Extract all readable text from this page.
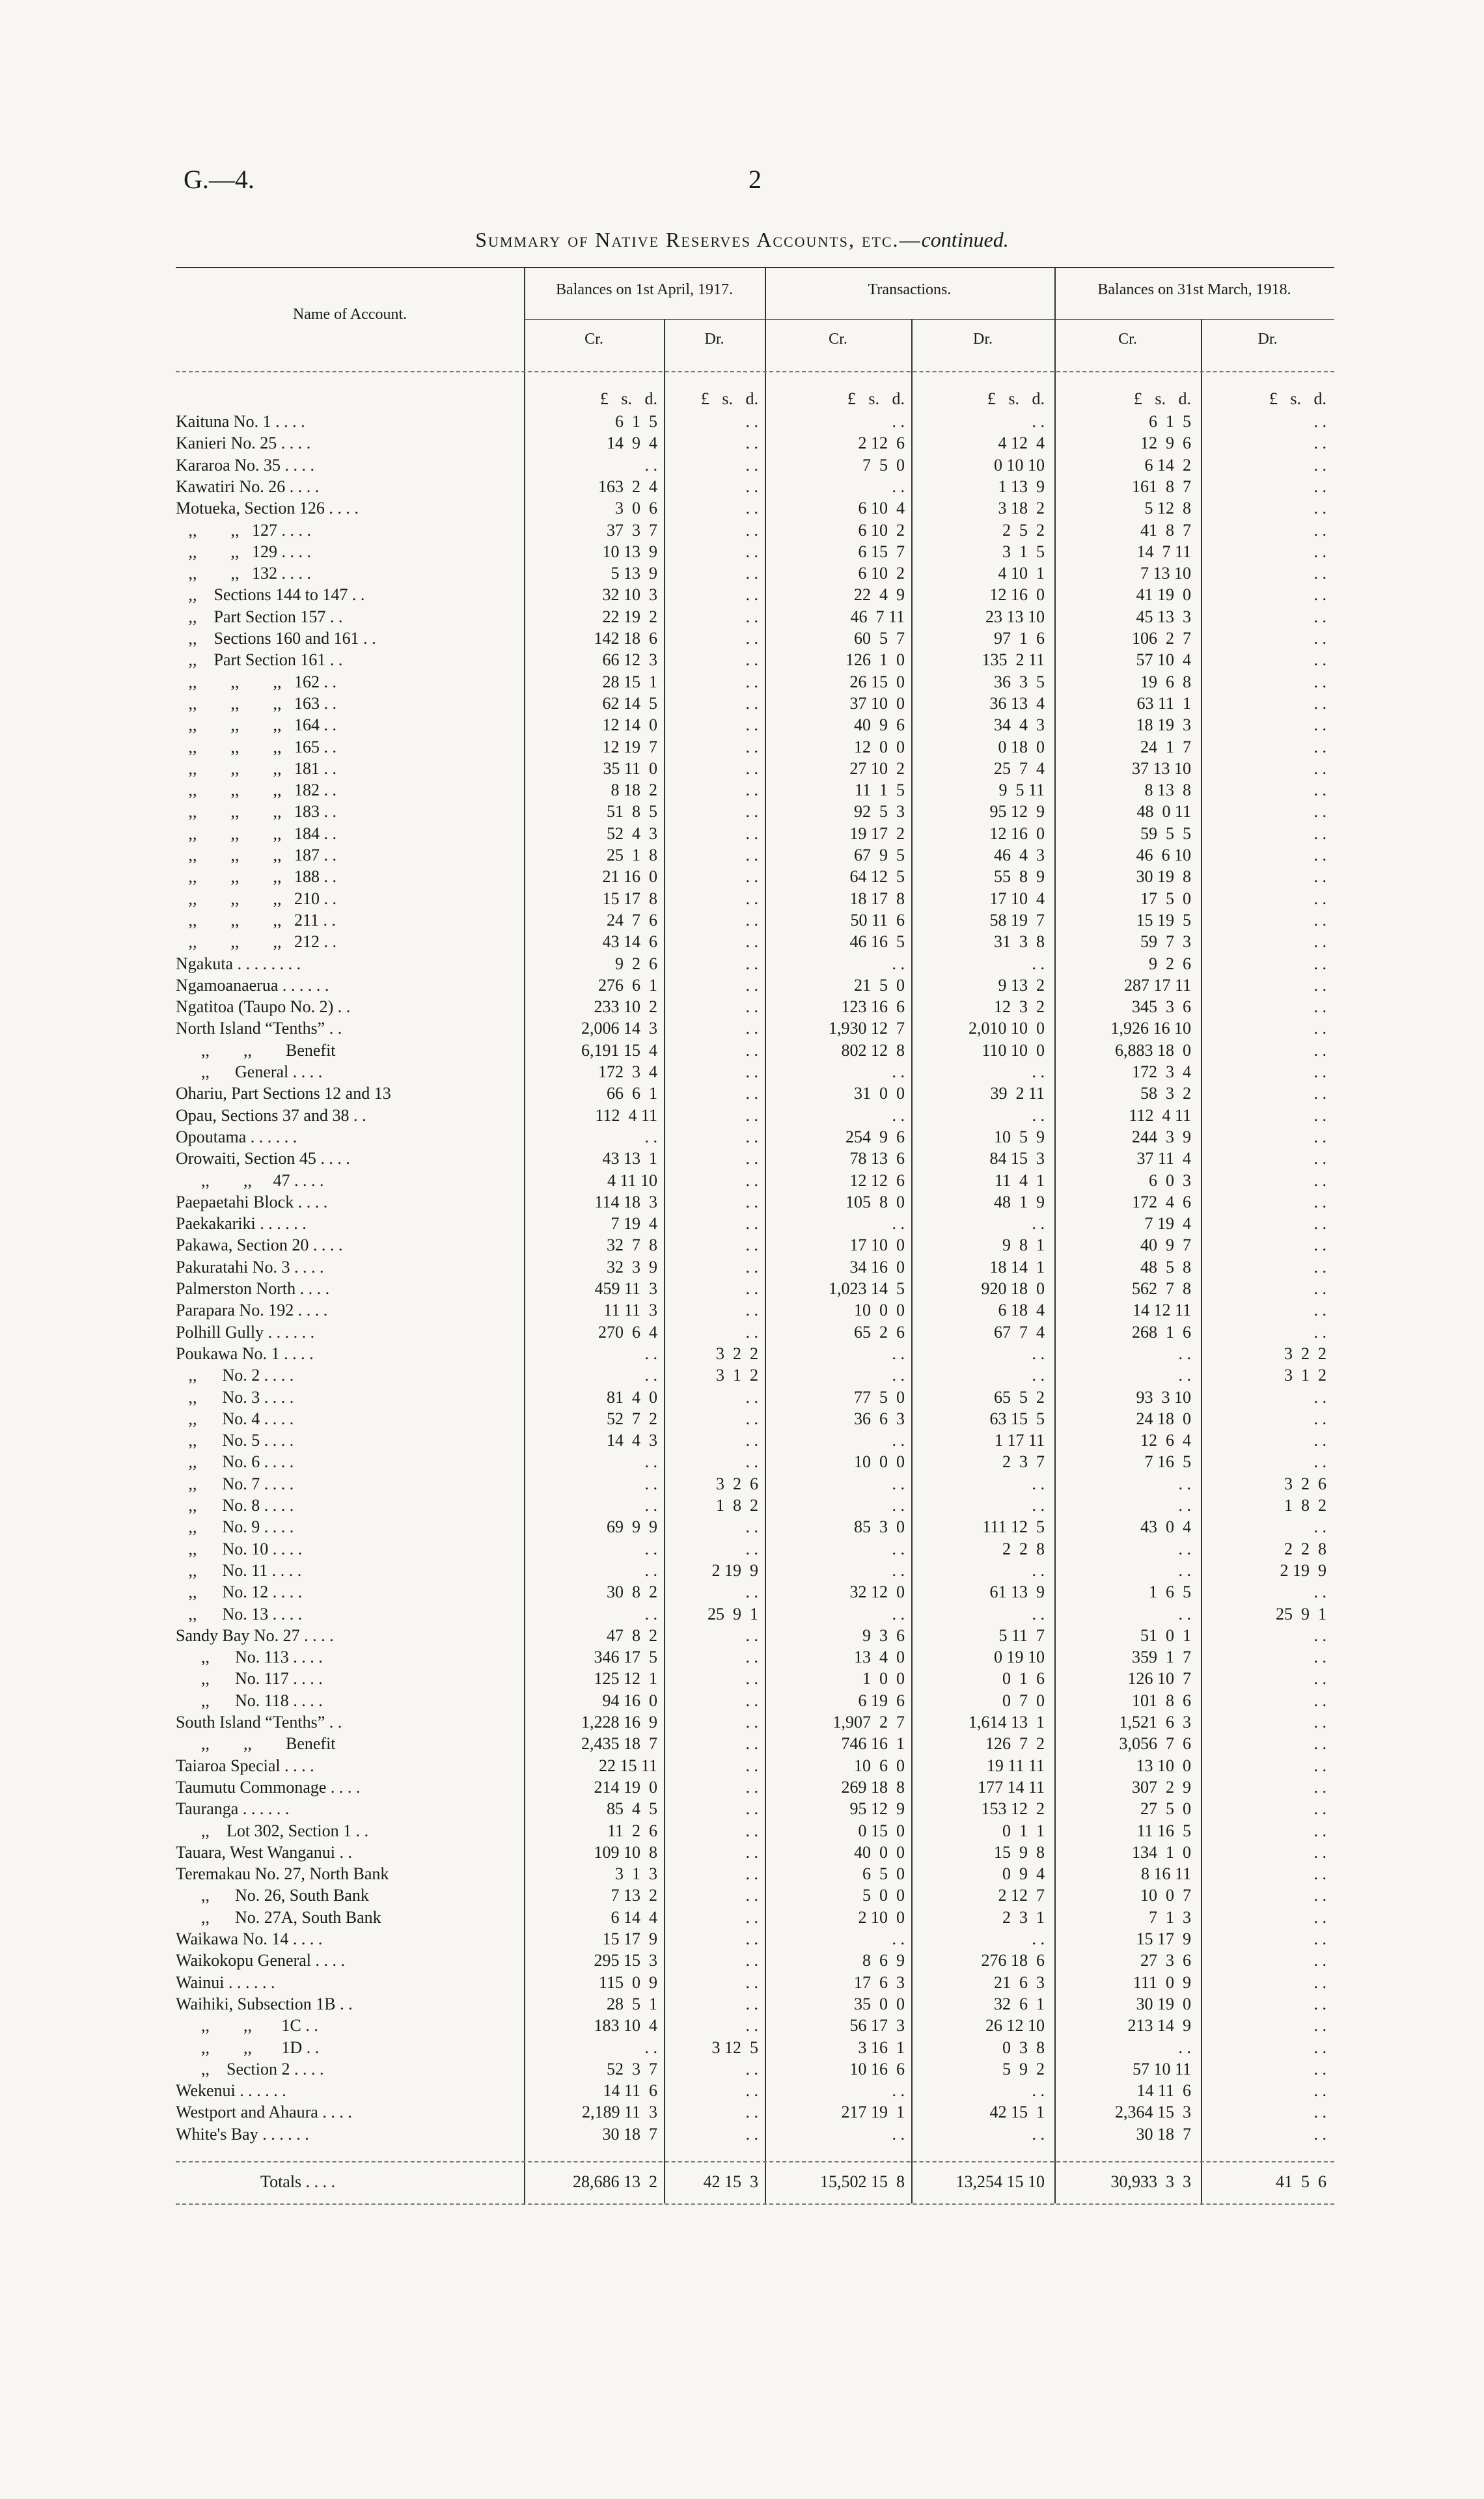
G.—4.	2
Summary of Native Reserves Accounts, etc.—continued.
Name of Account.
Balances on 1st April, 1917.	Transactions.	Balances on 31st March, 1918.
Cr.	Dr.	Cr.	Dr.	Cr.	Dr.
£   s.   d.	£   s.   d.	£   s.   d.	£   s.   d.	£   s.   d.	£   s.   d.
Kaituna No. 1 . . . .	6  1  5	. .	. .	. .	6  1  5	. .
Kanieri No. 25 . . . .	14  9  4	. .	2 12  6	4 12  4	12  9  6	. .
Kararoa No. 35 . . . .	. .	. .	7  5  0	0 10 10	6 14  2	. .
Kawatiri No. 26 . . . .	163  2  4	. .	. .	1 13  9	161  8  7	. .
Motueka, Section 126 . . . .	3  0  6	. .	6 10  4	3 18  2	5 12  8	. .
,,        ,,   127 . . . .	37  3  7	. .	6 10  2	2  5  2	41  8  7	. .
,,        ,,   129 . . . .	10 13  9	. .	6 15  7	3  1  5	14  7 11	. .
,,        ,,   132 . . . .	5 13  9	. .	6 10  2	4 10  1	7 13 10	. .
,,    Sections 144 to 147 . .	32 10  3	. .	22  4  9	12 16  0	41 19  0	. .
,,    Part Section 157 . .	22 19  2	. .	46  7 11	23 13 10	45 13  3	. .
,,    Sections 160 and 161 . .	142 18  6	. .	60  5  7	97  1  6	106  2  7	. .
,,    Part Section 161 . .	66 12  3	. .	126  1  0	135  2 11	57 10  4	. .
,,        ,,        ,,   162 . .	28 15  1	. .	26 15  0	36  3  5	19  6  8	. .
,,        ,,        ,,   163 . .	62 14  5	. .	37 10  0	36 13  4	63 11  1	. .
,,        ,,        ,,   164 . .	12 14  0	. .	40  9  6	34  4  3	18 19  3	. .
,,        ,,        ,,   165 . .	12 19  7	. .	12  0  0	0 18  0	24  1  7	. .
,,        ,,        ,,   181 . .	35 11  0	. .	27 10  2	25  7  4	37 13 10	. .
,,        ,,        ,,   182 . .	8 18  2	. .	11  1  5	9  5 11	8 13  8	. .
,,        ,,        ,,   183 . .	51  8  5	. .	92  5  3	95 12  9	48  0 11	. .
,,        ,,        ,,   184 . .	52  4  3	. .	19 17  2	12 16  0	59  5  5	. .
,,        ,,        ,,   187 . .	25  1  8	. .	67  9  5	46  4  3	46  6 10	. .
,,        ,,        ,,   188 . .	21 16  0	. .	64 12  5	55  8  9	30 19  8	. .
,,        ,,        ,,   210 . .	15 17  8	. .	18 17  8	17 10  4	17  5  0	. .
,,        ,,        ,,   211 . .	24  7  6	. .	50 11  6	58 19  7	15 19  5	. .
,,        ,,        ,,   212 . .	43 14  6	. .	46 16  5	31  3  8	59  7  3	. .
Ngakuta . . . . . . . .	9  2  6	. .	. .	. .	9  2  6	. .
Ngamoanaerua . . . . . .	276  6  1	. .	21  5  0	9 13  2	287 17 11	. .
Ngatitoa (Taupo No. 2) . .	233 10  2	. .	123 16  6	12  3  2	345  3  6	. .
North Island “Tenths” . .	2,006 14  3	. .	1,930 12  7	2,010 10  0	1,926 16 10	. .
,,        ,,        Benefit	6,191 15  4	. .	802 12  8	110 10  0	6,883 18  0	. .
,,      General . . . .	172  3  4	. .	. .	. .	172  3  4	. .
Ohariu, Part Sections 12 and 13	66  6  1	. .	31  0  0	39  2 11	58  3  2	. .
Opau, Sections 37 and 38 . .	112  4 11	. .	. .	. .	112  4 11	. .
Opoutama . . . . . .	. .	. .	254  9  6	10  5  9	244  3  9	. .
Orowaiti, Section 45 . . . .	43 13  1	. .	78 13  6	84 15  3	37 11  4	. .
,,        ,,     47 . . . .	4 11 10	. .	12 12  6	11  4  1	6  0  3	. .
Paepaetahi Block . . . .	114 18  3	. .	105  8  0	48  1  9	172  4  6	. .
Paekakariki . . . . . .	7 19  4	. .	. .	. .	7 19  4	. .
Pakawa, Section 20 . . . .	32  7  8	. .	17 10  0	9  8  1	40  9  7	. .
Pakuratahi No. 3 . . . .	32  3  9	. .	34 16  0	18 14  1	48  5  8	. .
Palmerston North . . . .	459 11  3	. .	1,023 14  5	920 18  0	562  7  8	. .
Parapara No. 192 . . . .	11 11  3	. .	10  0  0	6 18  4	14 12 11	. .
Polhill Gully . . . . . .	270  6  4	. .	65  2  6	67  7  4	268  1  6	. .
Poukawa No. 1 . . . .	. .	3  2  2	. .	. .	. .	3  2  2
,,      No. 2 . . . .	. .	3  1  2	. .	. .	. .	3  1  2
,,      No. 3 . . . .	81  4  0	. .	77  5  0	65  5  2	93  3 10	. .
,,      No. 4 . . . .	52  7  2	. .	36  6  3	63 15  5	24 18  0	. .
,,      No. 5 . . . .	14  4  3	. .	. .	1 17 11	12  6  4	. .
,,      No. 6 . . . .	. .	. .	10  0  0	2  3  7	7 16  5	. .
,,      No. 7 . . . .	. .	3  2  6	. .	. .	. .	3  2  6
,,      No. 8 . . . .	. .	1  8  2	. .	. .	. .	1  8  2
,,      No. 9 . . . .	69  9  9	. .	85  3  0	111 12  5	43  0  4	. .
,,      No. 10 . . . .	. .	. .	. .	2  2  8	. .	2  2  8
,,      No. 11 . . . .	. .	2 19  9	. .	. .	. .	2 19  9
,,      No. 12 . . . .	30  8  2	. .	32 12  0	61 13  9	1  6  5	. .
,,      No. 13 . . . .	. .	25  9  1	. .	. .	. .	25  9  1
Sandy Bay No. 27 . . . .	47  8  2	. .	9  3  6	5 11  7	51  0  1	. .
,,      No. 113 . . . .	346 17  5	. .	13  4  0	0 19 10	359  1  7	. .
,,      No. 117 . . . .	125 12  1	. .	1  0  0	0  1  6	126 10  7	. .
,,      No. 118 . . . .	94 16  0	. .	6 19  6	0  7  0	101  8  6	. .
South Island “Tenths” . .	1,228 16  9	. .	1,907  2  7	1,614 13  1	1,521  6  3	. .
,,        ,,        Benefit	2,435 18  7	. .	746 16  1	126  7  2	3,056  7  6	. .
Taiaroa Special . . . .	22 15 11	. .	10  6  0	19 11 11	13 10  0	. .
Taumutu Commonage . . . .	214 19  0	. .	269 18  8	177 14 11	307  2  9	. .
Tauranga . . . . . .	85  4  5	. .	95 12  9	153 12  2	27  5  0	. .
,,    Lot 302, Section 1 . .	11  2  6	. .	0 15  0	0  1  1	11 16  5	. .
Tauara, West Wanganui . .	109 10  8	. .	40  0  0	15  9  8	134  1  0	. .
Teremakau No. 27, North Bank	3  1  3	. .	6  5  0	0  9  4	8 16 11	. .
,,      No. 26, South Bank	7 13  2	. .	5  0  0	2 12  7	10  0  7	. .
,,      No. 27A, South Bank	6 14  4	. .	2 10  0	2  3  1	7  1  3	. .
Waikawa No. 14 . . . .	15 17  9	. .	. .	. .	15 17  9	. .
Waikokopu General . . . .	295 15  3	. .	8  6  9	276 18  6	27  3  6	. .
Wainui . . . . . .	115  0  9	. .	17  6  3	21  6  3	111  0  9	. .
Waihiki, Subsection 1B . .	28  5  1	. .	35  0  0	32  6  1	30 19  0	. .
,,        ,,       1C . .	183 10  4	. .	56 17  3	26 12 10	213 14  9	. .
,,        ,,       1D . .	. .	3 12  5	3 16  1	0  3  8	. .	. .
,,    Section 2 . . . .	52  3  7	. .	10 16  6	5  9  2	57 10 11	. .
Wekenui . . . . . .	14 11  6	. .	. .	. .	14 11  6	. .
Westport and Ahaura . . . .	2,189 11  3	. .	217 19  1	42 15  1	2,364 15  3	. .
White's Bay . . . . . .	30 18  7	. .	. .	. .	30 18  7	. .
Totals . . . .	28,686 13  2	42 15  3	15,502 15  8	13,254 15 10	30,933  3  3	41  5  6
